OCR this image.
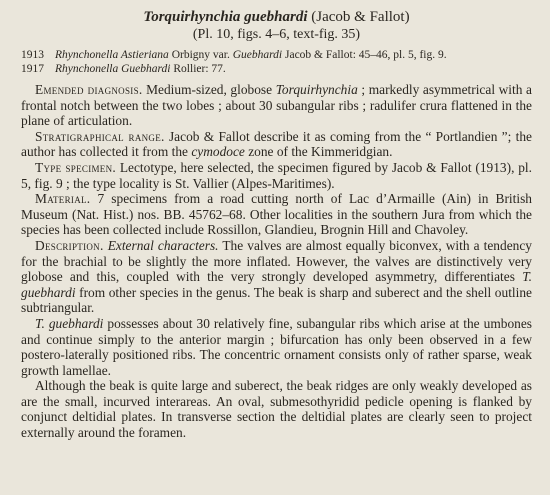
Torquirhynchia guebhardi (Jacob & Fallot)
(Pl. 10, figs. 4–6, text-fig. 35)
1913 Rhynchonella Astieriana Orbigny var. Guebhardi Jacob & Fallot: 45–46, pl. 5, fig. 9.
1917 Rhynchonella Guebhardi Rollier: 77.

Emended diagnosis. Medium-sized, globose Torquirhynchia ; markedly asymmetrical with a frontal notch between the two lobes ; about 30 subangular ribs ; radulifer crura flattened in the plane of articulation.

Stratigraphical range. Jacob & Fallot describe it as coming from the “ Portlandien ”; the author has collected it from the cymodoce zone of the Kimmeridgian.

Type specimen. Lectotype, here selected, the specimen figured by Jacob & Fallot (1913), pl. 5, fig. 9 ; the type locality is St. Vallier (Alpes-Maritimes).

Material. 7 specimens from a road cutting north of Lac d’Armaille (Ain) in British Museum (Nat. Hist.) nos. BB. 45762–68. Other localities in the southern Jura from which the species has been collected include Rossillon, Glandieu, Brognin Hill and Chavoley.

Description. External characters. The valves are almost equally biconvex, with a tendency for the brachial to be slightly the more inflated. However, the valves are distinctively very globose and this, coupled with the very strongly developed asymmetry, differentiates T. guebhardi from other species in the genus. The beak is sharp and suberect and the shell outline subtriangular.

T. guebhardi possesses about 30 relatively fine, subangular ribs which arise at the umbones and continue simply to the anterior margin ; bifurcation has only been observed in a few postero-laterally positioned ribs. The concentric ornament consists only of rather sparse, weak growth lamellae.

Although the beak is quite large and suberect, the beak ridges are only weakly developed as are the small, incurved interareas. An oval, submesothyridid pedicle opening is flanked by conjunct deltidial plates. In transverse section the deltidial plates are clearly seen to project externally around the foramen.
